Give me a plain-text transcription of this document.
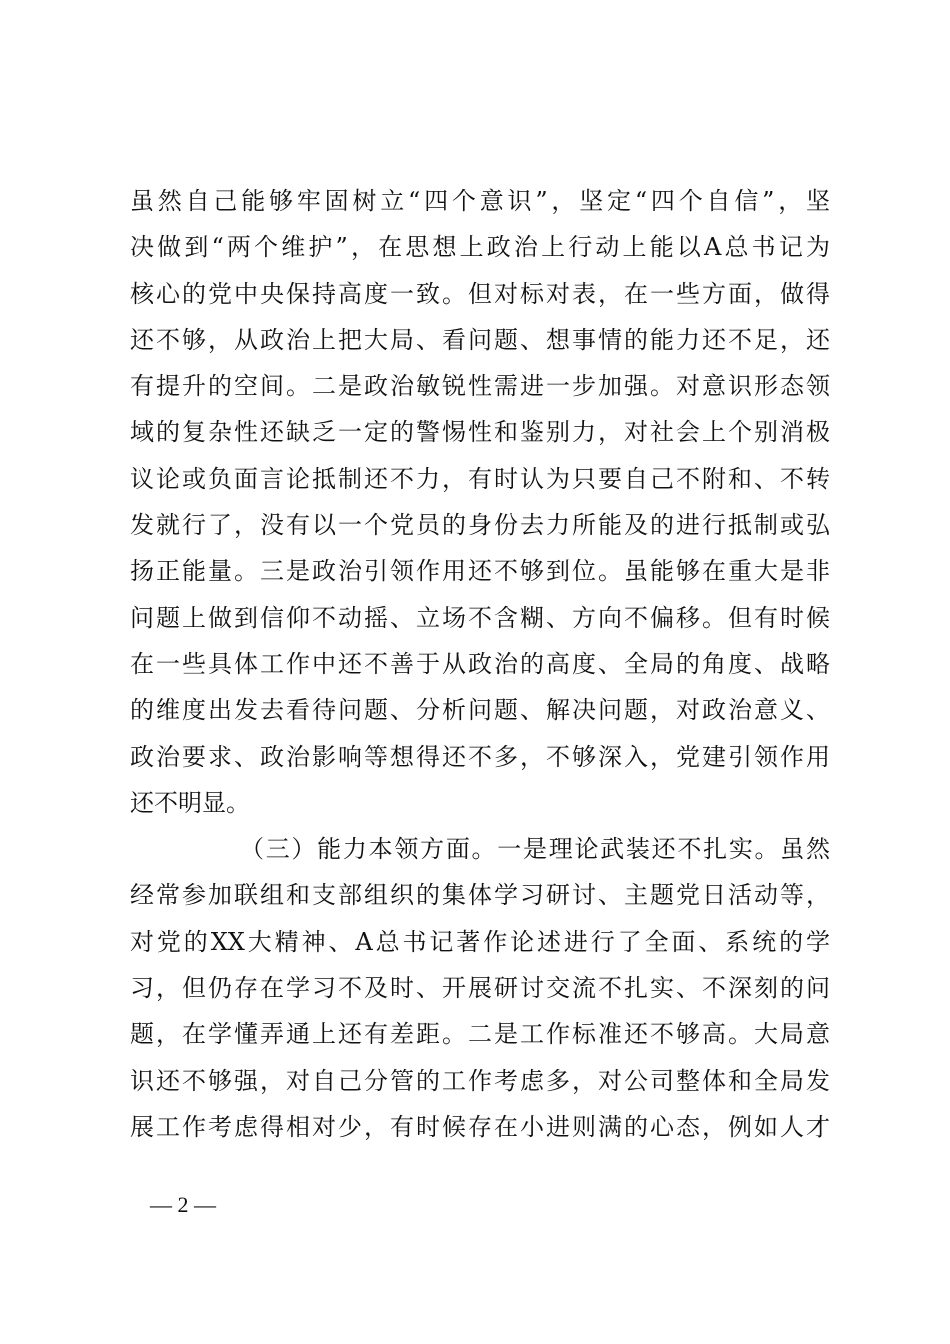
虽然自己能够牢固树立“四个意识”，坚定“四个自信”，坚
决做到“两个维护”，在思想上政治上行动上能以A总书记为
核心的党中央保持高度一致。但对标对表，在一些方面，做得
还不够，从政治上把大局、看问题、想事情的能力还不足，还
有提升的空间。二是政治敏锐性需进一步加强。对意识形态领
域的复杂性还缺乏一定的警惕性和鉴别力，对社会上个别消极
议论或负面言论抵制还不力，有时认为只要自己不附和、不转
发就行了，没有以一个党员的身份去力所能及的进行抵制或弘
扬正能量。三是政治引领作用还不够到位。虽能够在重大是非
问题上做到信仰不动摇、立场不含糊、方向不偏移。但有时候
在一些具体工作中还不善于从政治的高度、全局的角度、战略
的维度出发去看待问题、分析问题、解决问题，对政治意义、
政治要求、政治影响等想得还不多，不够深入，党建引领作用
还不明显。
（三）能力本领方面。一是理论武装还不扎实。虽然
经常参加联组和支部组织的集体学习研讨、主题党日活动等，
对党的XX大精神、A总书记著作论述进行了全面、系统的学
习，但仍存在学习不及时、开展研讨交流不扎实、不深刻的问
题，在学懂弄通上还有差距。二是工作标准还不够高。大局意
识还不够强，对自己分管的工作考虑多，对公司整体和全局发
展工作考虑得相对少，有时候存在小进则满的心态，例如人才
— 2 —
